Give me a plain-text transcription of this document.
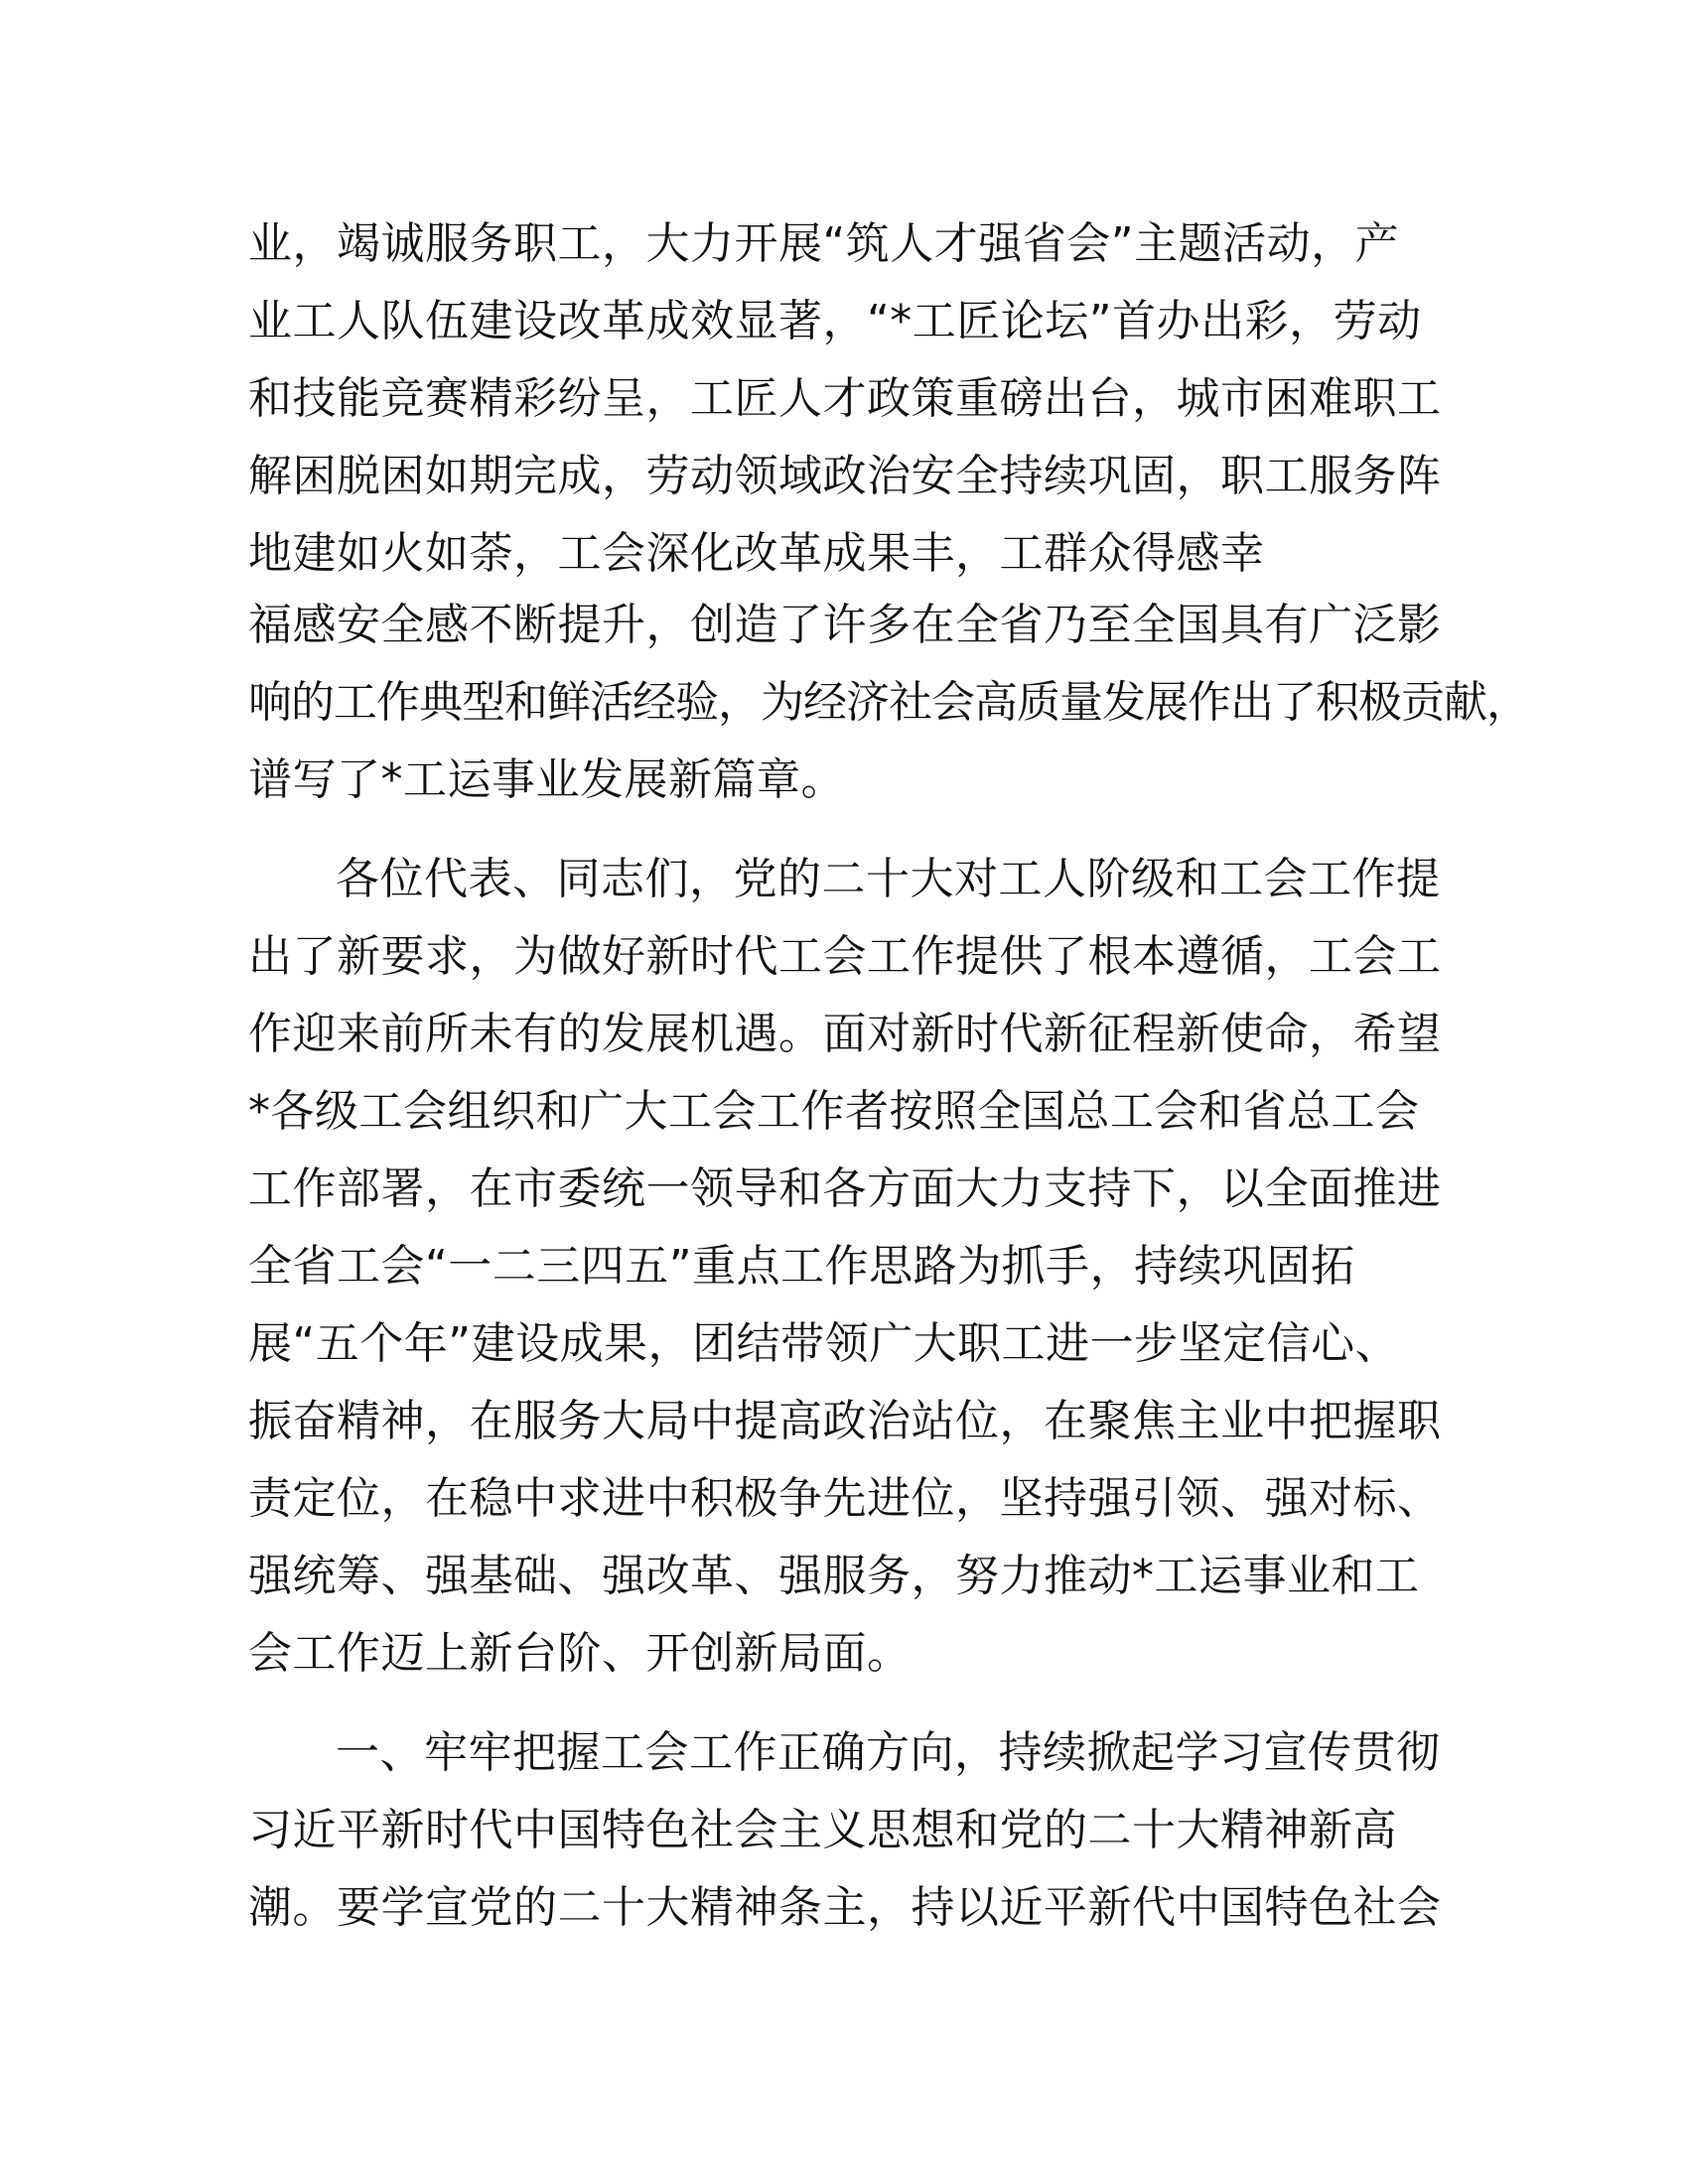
业，竭诚服务职工，大力开展“筑人才强省会”主题活动，产
业工人队伍建设改革成效显著，“*工匠论坛”首办出彩，劳动
和技能竞赛精彩纷呈，工匠人才政策重磅出台，城市困难职工
解困脱困如期完成，劳动领域政治安全持续巩固，职工服务阵
地建如火如荼，工会深化改革成果丰，工群众得感幸
福感安全感不断提升，创造了许多在全省乃至全国具有广泛影
响的工作典型和鲜活经验，为经济社会高质量发展作出了积极贡献，
谱写了*工运事业发展新篇章。
各位代表、同志们，党的二十大对工人阶级和工会工作提
出了新要求，为做好新时代工会工作提供了根本遵循，工会工
作迎来前所未有的发展机遇。面对新时代新征程新使命，希望
*各级工会组织和广大工会工作者按照全国总工会和省总工会
工作部署，在市委统一领导和各方面大力支持下，以全面推进
全省工会“一二三四五”重点工作思路为抓手，持续巩固拓
展“五个年”建设成果，团结带领广大职工进一步坚定信心、
振奋精神，在服务大局中提高政治站位，在聚焦主业中把握职
责定位，在稳中求进中积极争先进位，坚持强引领、强对标、
强统筹、强基础、强改革、强服务，努力推动*工运事业和工
会工作迈上新台阶、开创新局面。
一、牢牢把握工会工作正确方向，持续掀起学习宣传贯彻
习近平新时代中国特色社会主义思想和党的二十大精神新高
潮。要学宣党的二十大精神条主，持以近平新代中国特色社会
